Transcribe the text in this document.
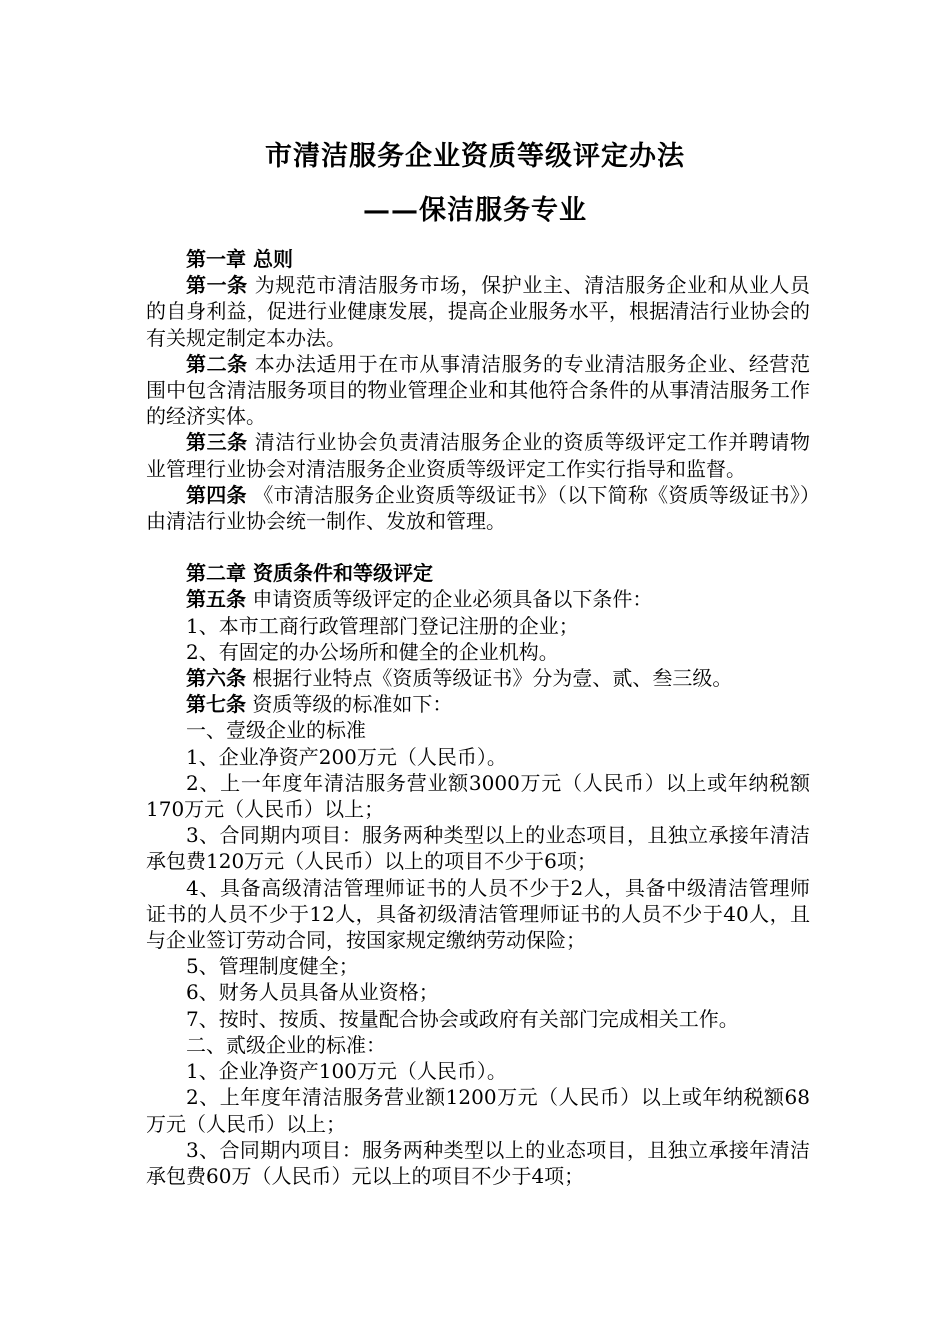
市清洁服务企业资质等级评定办法
——保洁服务专业

第一章 总则

第一条 为规范市清洁服务市场，保护业主、清洁服务企业和从业人员的自身利益，促进行业健康发展，提高企业服务水平，根据清洁行业协会的有关规定制定本办法。

第二条 本办法适用于在市从事清洁服务的专业清洁服务企业、经营范围中包含清洁服务项目的物业管理企业和其他符合条件的从事清洁服务工作的经济实体。

第三条 清洁行业协会负责清洁服务企业的资质等级评定工作并聘请物业管理行业协会对清洁服务企业资质等级评定工作实行指导和监督。

第四条 《市清洁服务企业资质等级证书》（以下简称《资质等级证书》）由清洁行业协会统一制作、发放和管理。

第二章 资质条件和等级评定

第五条 申请资质等级评定的企业必须具备以下条件：

1、本市工商行政管理部门登记注册的企业；

2、有固定的办公场所和健全的企业机构。

第六条 根据行业特点《资质等级证书》分为壹、贰、叁三级。

第七条 资质等级的标准如下：

一、壹级企业的标准

1、企业净资产200万元（人民币）。

2、上一年度年清洁服务营业额3000万元（人民币）以上或年纳税额170万元（人民币）以上；

3、合同期内项目：服务两种类型以上的业态项目，且独立承接年清洁承包费120万元（人民币）以上的项目不少于6项；

4、具备高级清洁管理师证书的人员不少于2人，具备中级清洁管理师证书的人员不少于12人，具备初级清洁管理师证书的人员不少于40人，且与企业签订劳动合同，按国家规定缴纳劳动保险；

5、管理制度健全；

6、财务人员具备从业资格；

7、按时、按质、按量配合协会或政府有关部门完成相关工作。

二、贰级企业的标准：

1、企业净资产100万元（人民币）。

2、上年度年清洁服务营业额1200万元（人民币）以上或年纳税额68万元（人民币）以上；

3、合同期内项目：服务两种类型以上的业态项目，且独立承接年清洁承包费60万（人民币）元以上的项目不少于4项；
